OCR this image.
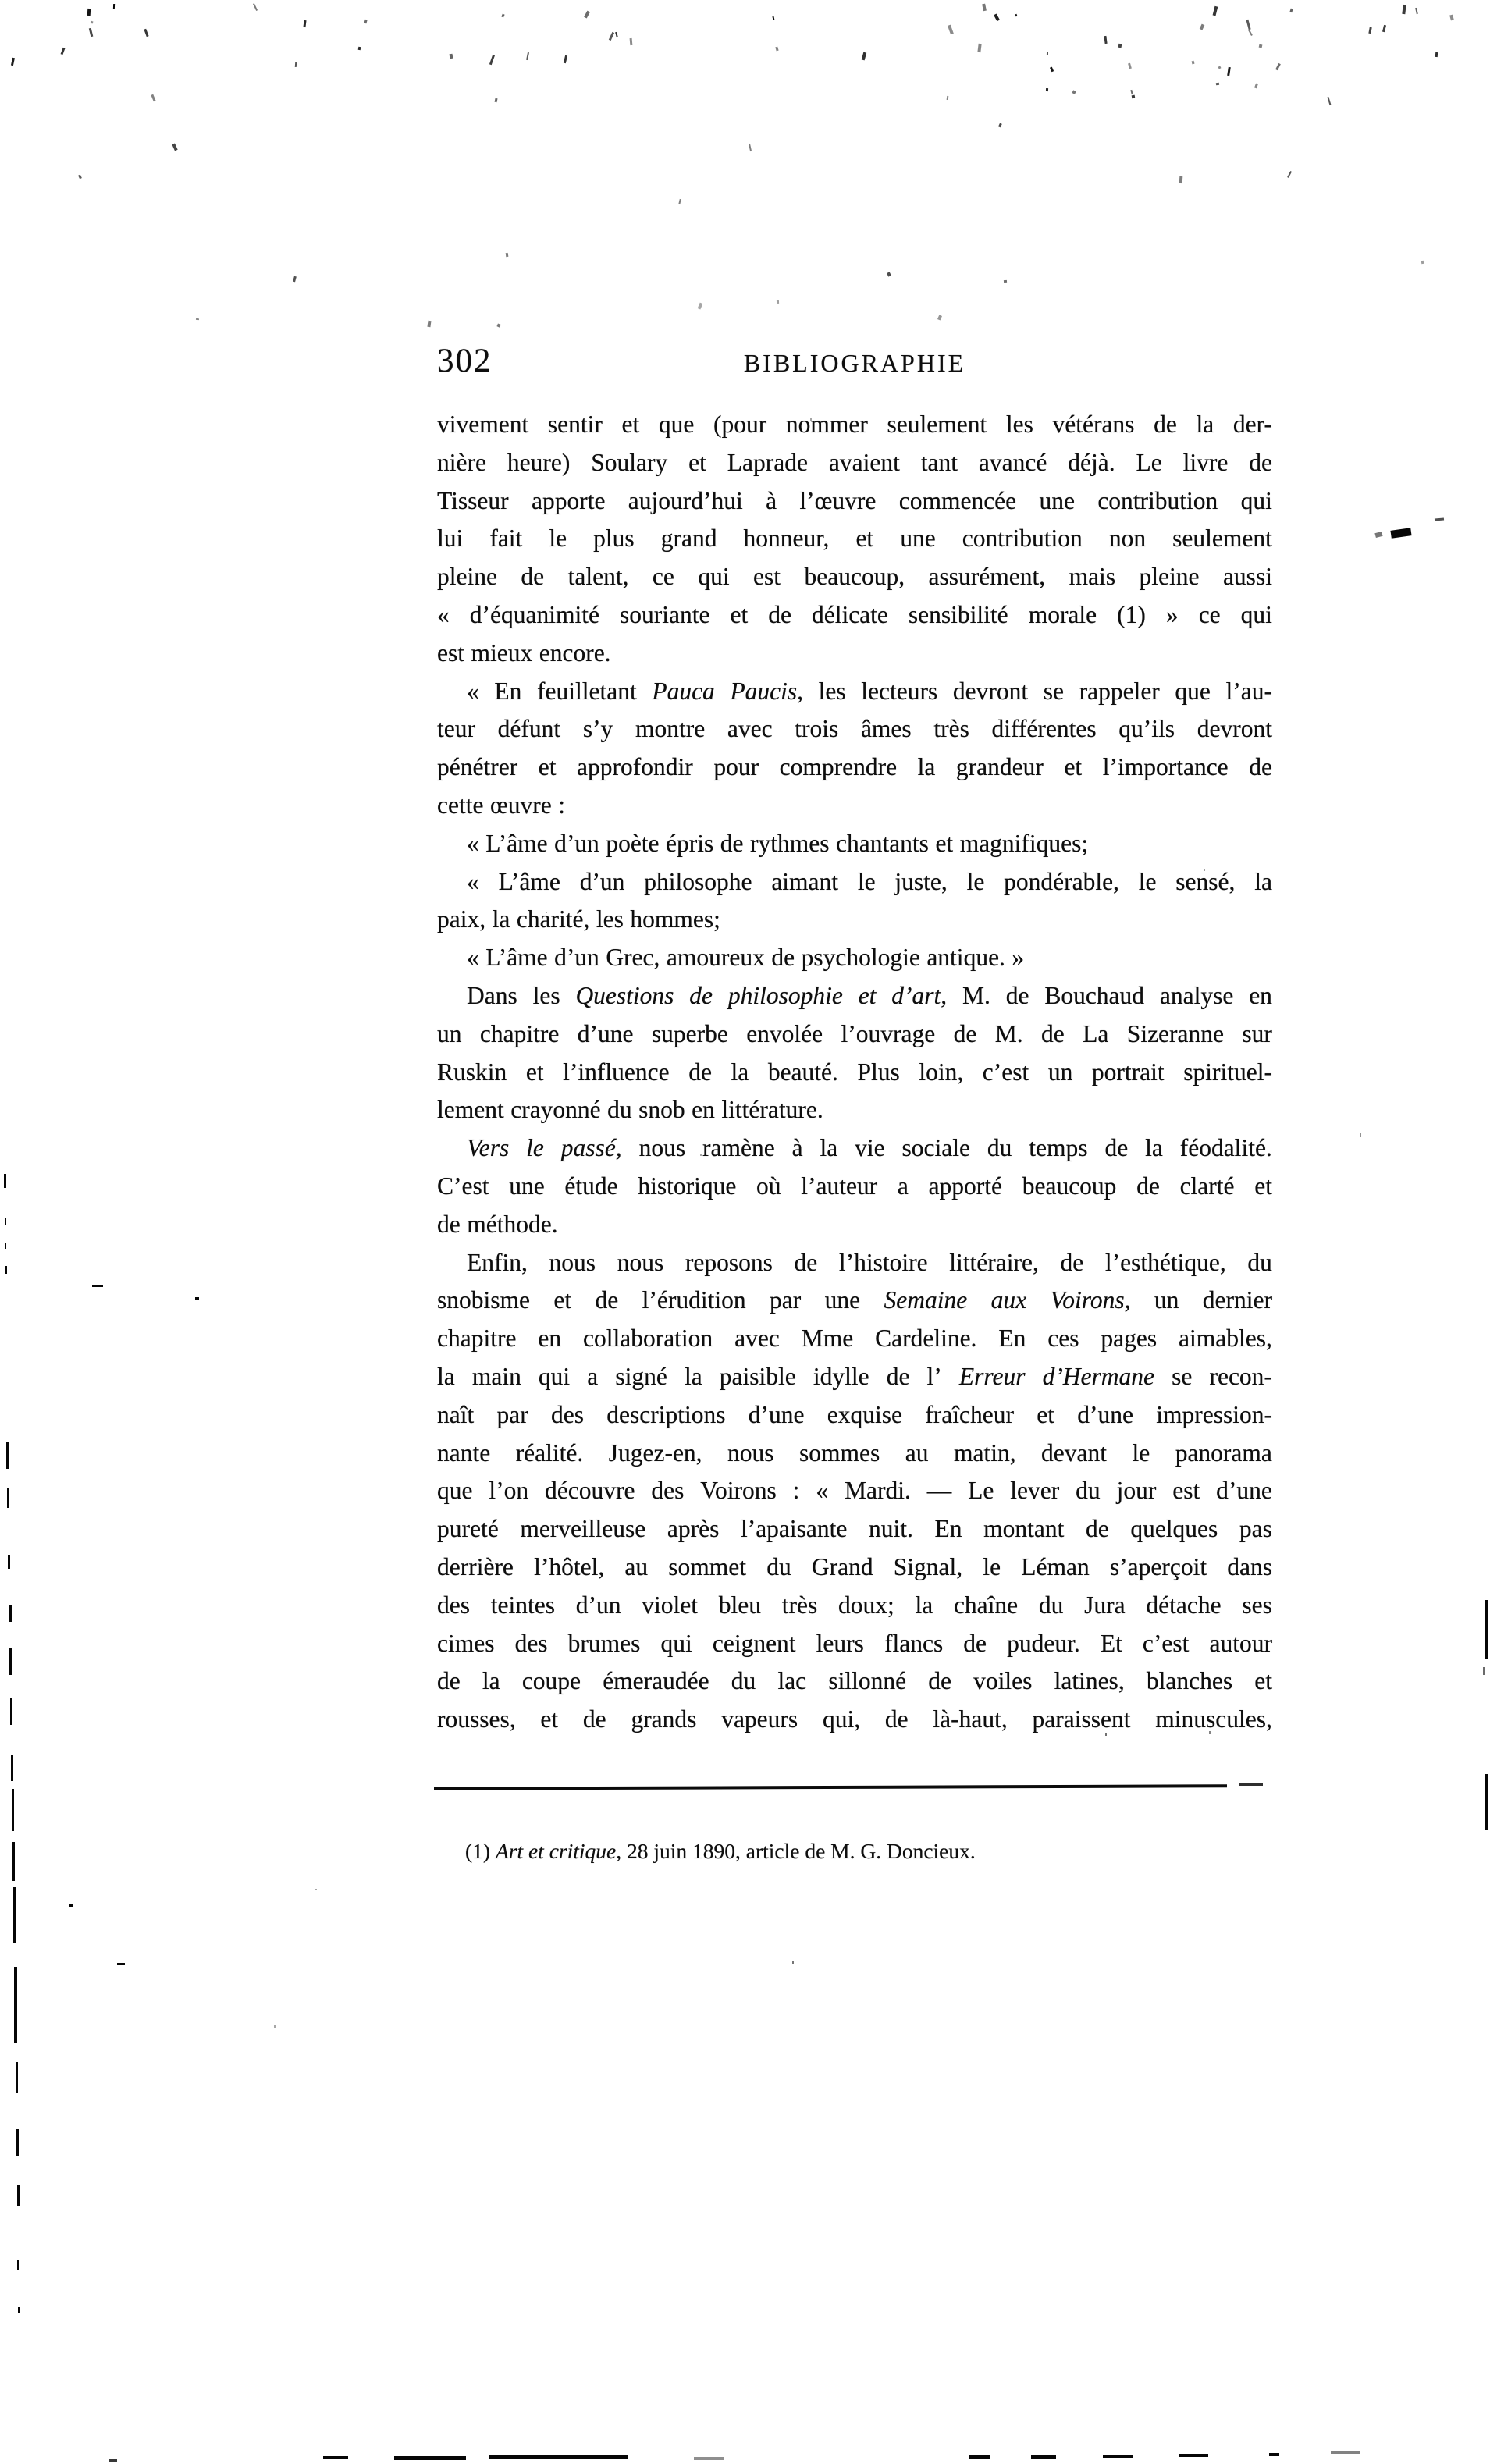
302	BIBLIOGRAPHIE
vivement sentir et que (pour nommer seulement les vétérans de la der-
nière heure) Soulary et Laprade avaient tant avancé déjà. Le livre de
Tisseur apporte aujourd’hui à l’œuvre commencée une contribution qui
lui fait le plus grand honneur, et une contribution non seulement
pleine de talent, ce qui est beaucoup, assurément, mais pleine aussi
« d’équanimité souriante et de délicate sensibilité morale (1) » ce qui
est mieux encore.
« En feuilletant Pauca Paucis, les lecteurs devront se rappeler que l’au-
teur défunt s’y montre avec trois âmes très différentes qu’ils devront
pénétrer et approfondir pour comprendre la grandeur et l’importance de
cette œuvre :
« L’âme d’un poète épris de rythmes chantants et magnifiques;
« L’âme d’un philosophe aimant le juste, le pondérable, le sensé, la
paix, la charité, les hommes;
« L’âme d’un Grec, amoureux de psychologie antique. »
Dans les Questions de philosophie et d’art, M. de Bouchaud analyse en
un chapitre d’une superbe envolée l’ouvrage de M. de La Sizeranne sur
Ruskin et l’influence de la beauté. Plus loin, c’est un portrait spirituel-
lement crayonné du snob en littérature.
Vers le passé, nous ramène à la vie sociale du temps de la féodalité.
C’est une étude historique où l’auteur a apporté beaucoup de clarté et
de méthode.
Enfin, nous nous reposons de l’histoire littéraire, de l’esthétique, du
snobisme et de l’érudition par une Semaine aux Voirons, un dernier
chapitre en collaboration avec Mme Cardeline. En ces pages aimables,
la main qui a signé la paisible idylle de l’ Erreur d’Hermane se recon-
naît par des descriptions d’une exquise fraîcheur et d’une impression-
nante réalité. Jugez-en, nous sommes au matin, devant le panorama
que l’on découvre des Voirons : « Mardi. — Le lever du jour est d’une
pureté merveilleuse après l’apaisante nuit. En montant de quelques pas
derrière l’hôtel, au sommet du Grand Signal, le Léman s’aperçoit dans
des teintes d’un violet bleu très doux; la chaîne du Jura détache ses
cimes des brumes qui ceignent leurs flancs de pudeur. Et c’est autour
de la coupe émeraudée du lac sillonné de voiles latines, blanches et
rousses, et de grands vapeurs qui, de là-haut, paraissent minuscules,
(1) Art et critique, 28 juin 1890, article de M. G. Doncieux.
